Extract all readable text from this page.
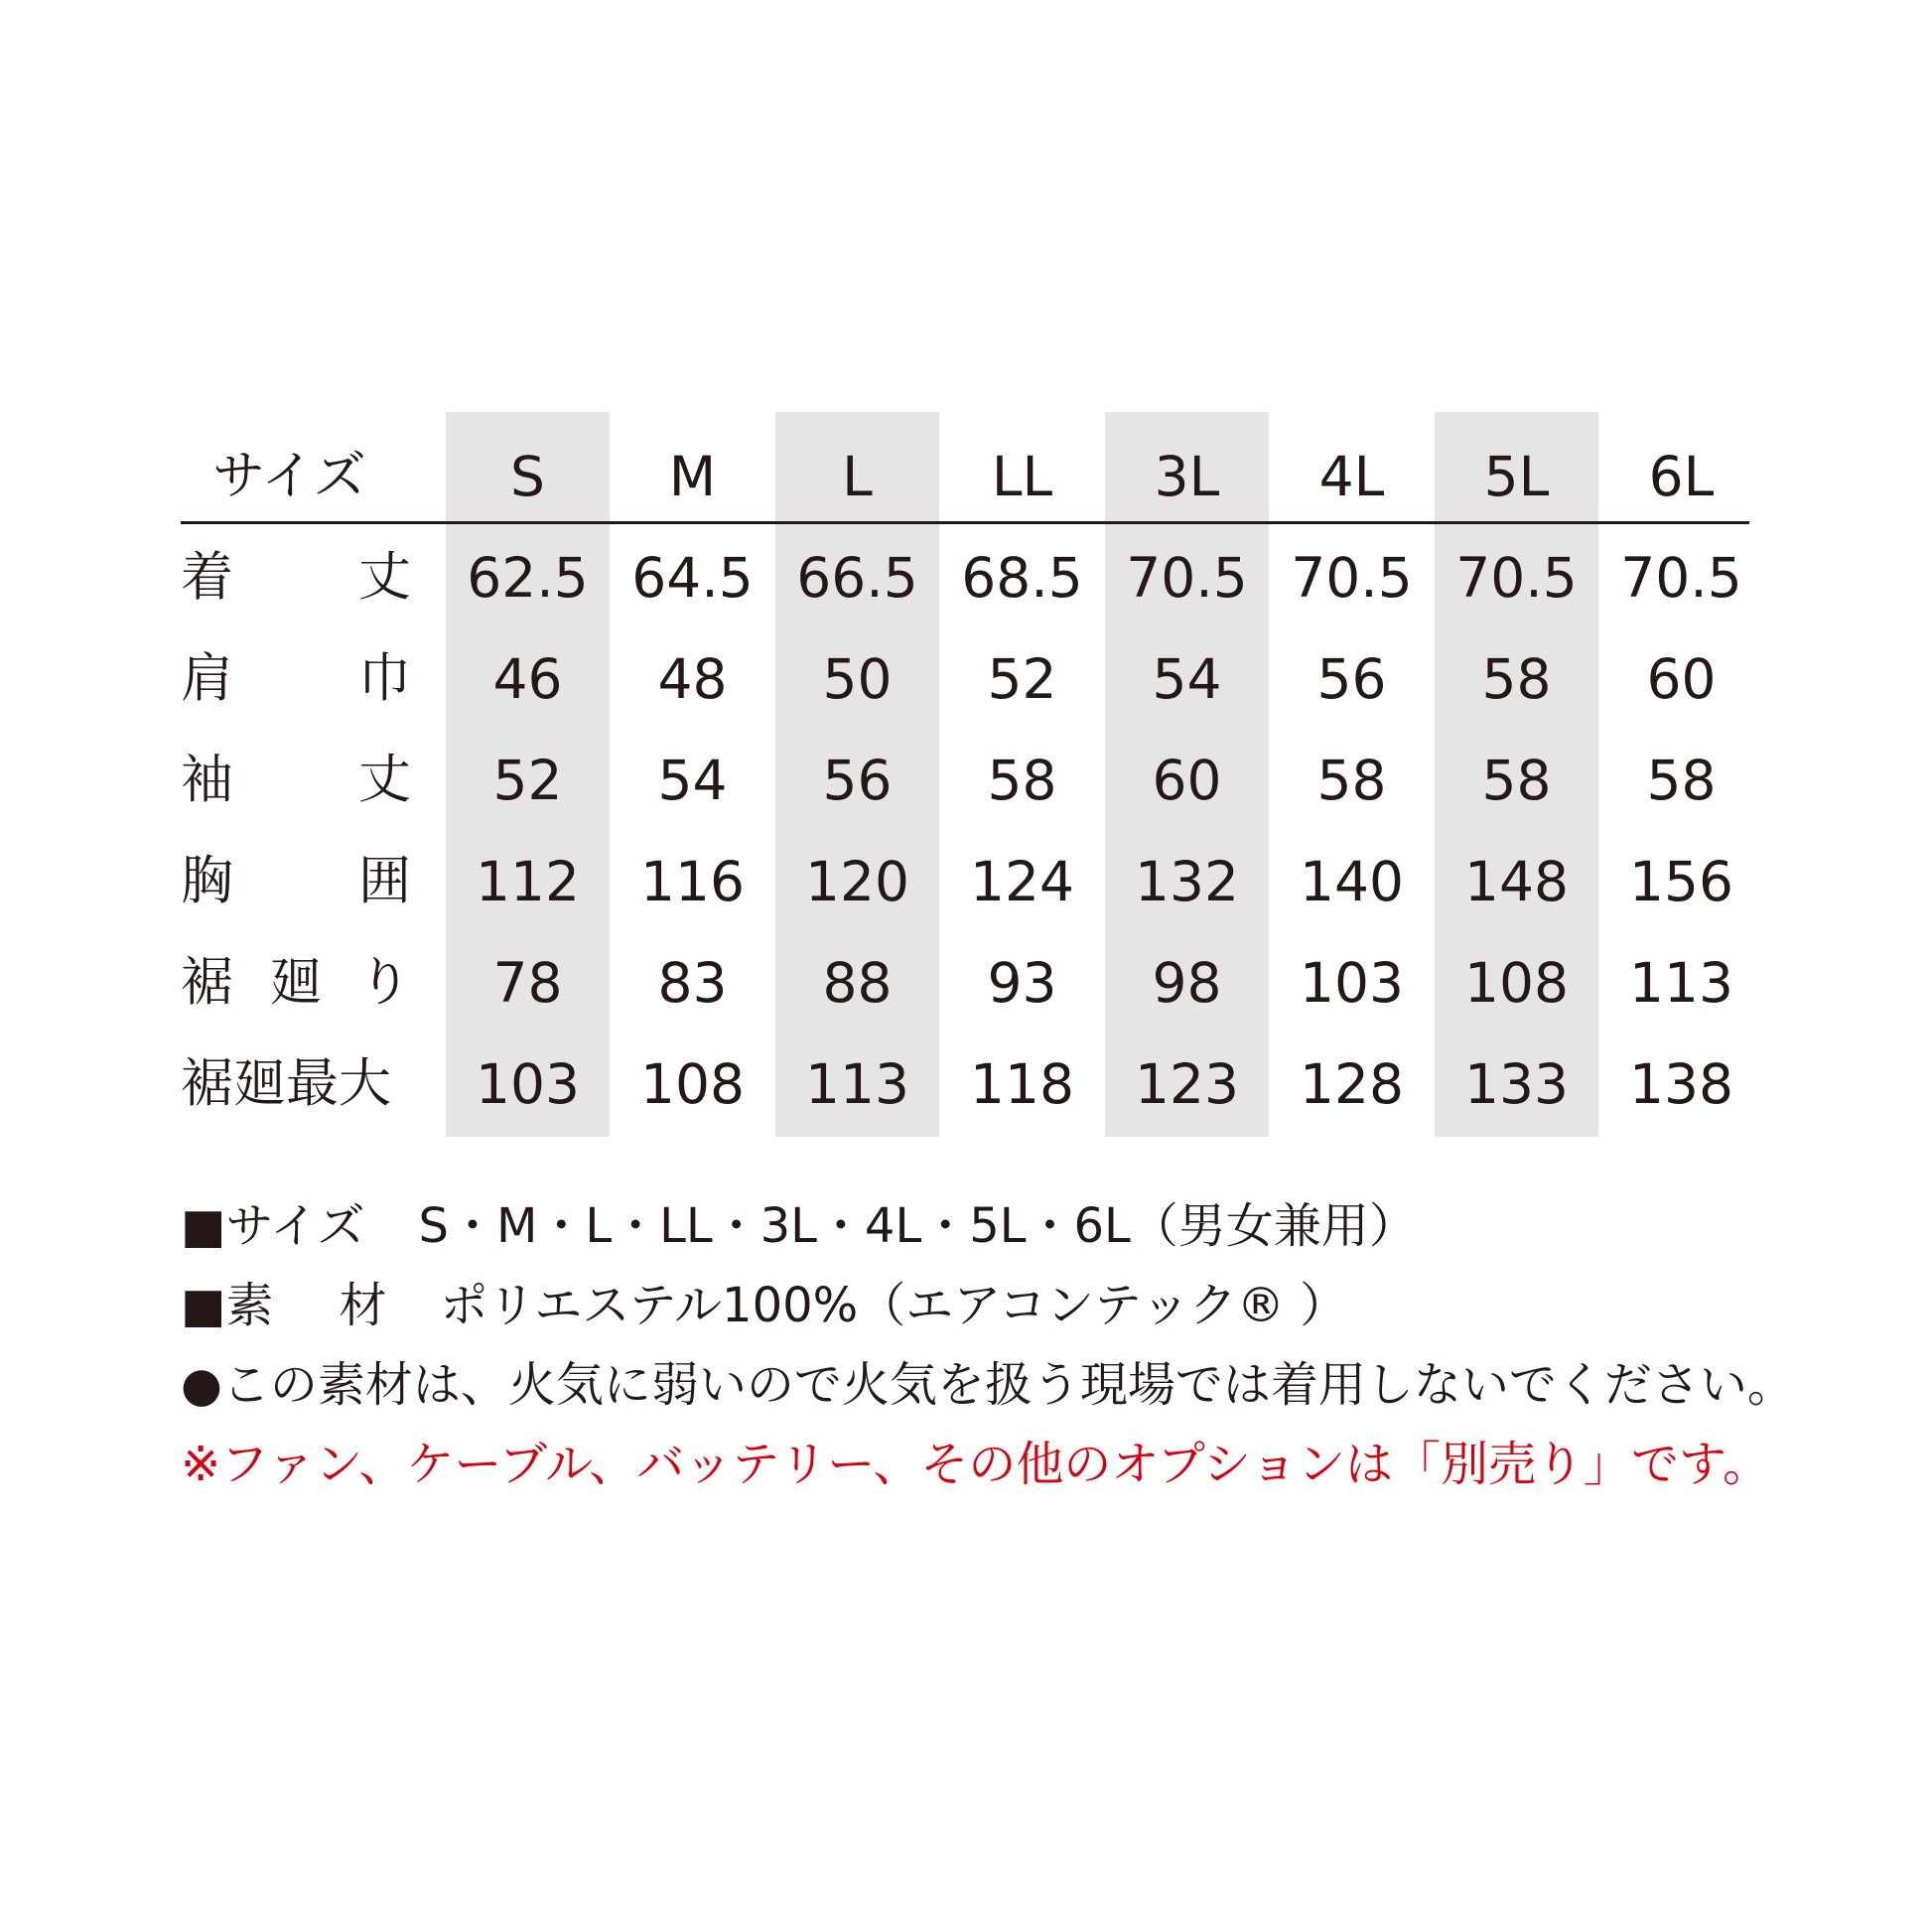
サイズ	S	M	L	LL	3L	4L	5L	6L
着 丈	62.5 64.5 66.5 68.5 70.5 70.5 70.5 70.5
肩 巾	46	48	50	52	54	56	58	60
袖 丈	52	54	56	58	60	58	58	58
胸 囲	112	116	120	124	132	140	148	156
裾 廻 り	78	83	88	93	98	103	108	113
裾廻最大	103	108	113	118	123	128	133	138
■サイズ S・M・L・LL・3L・4L・5L・6L（男女兼用）
■素 材 ポリエステル100%（エアコンテック® ）
●この素材は、火気に弱いので火気を扱う現場では着用しないでください。
※ファン、ケーブル、バッテリー、その他のオプションは「別売り」です。
